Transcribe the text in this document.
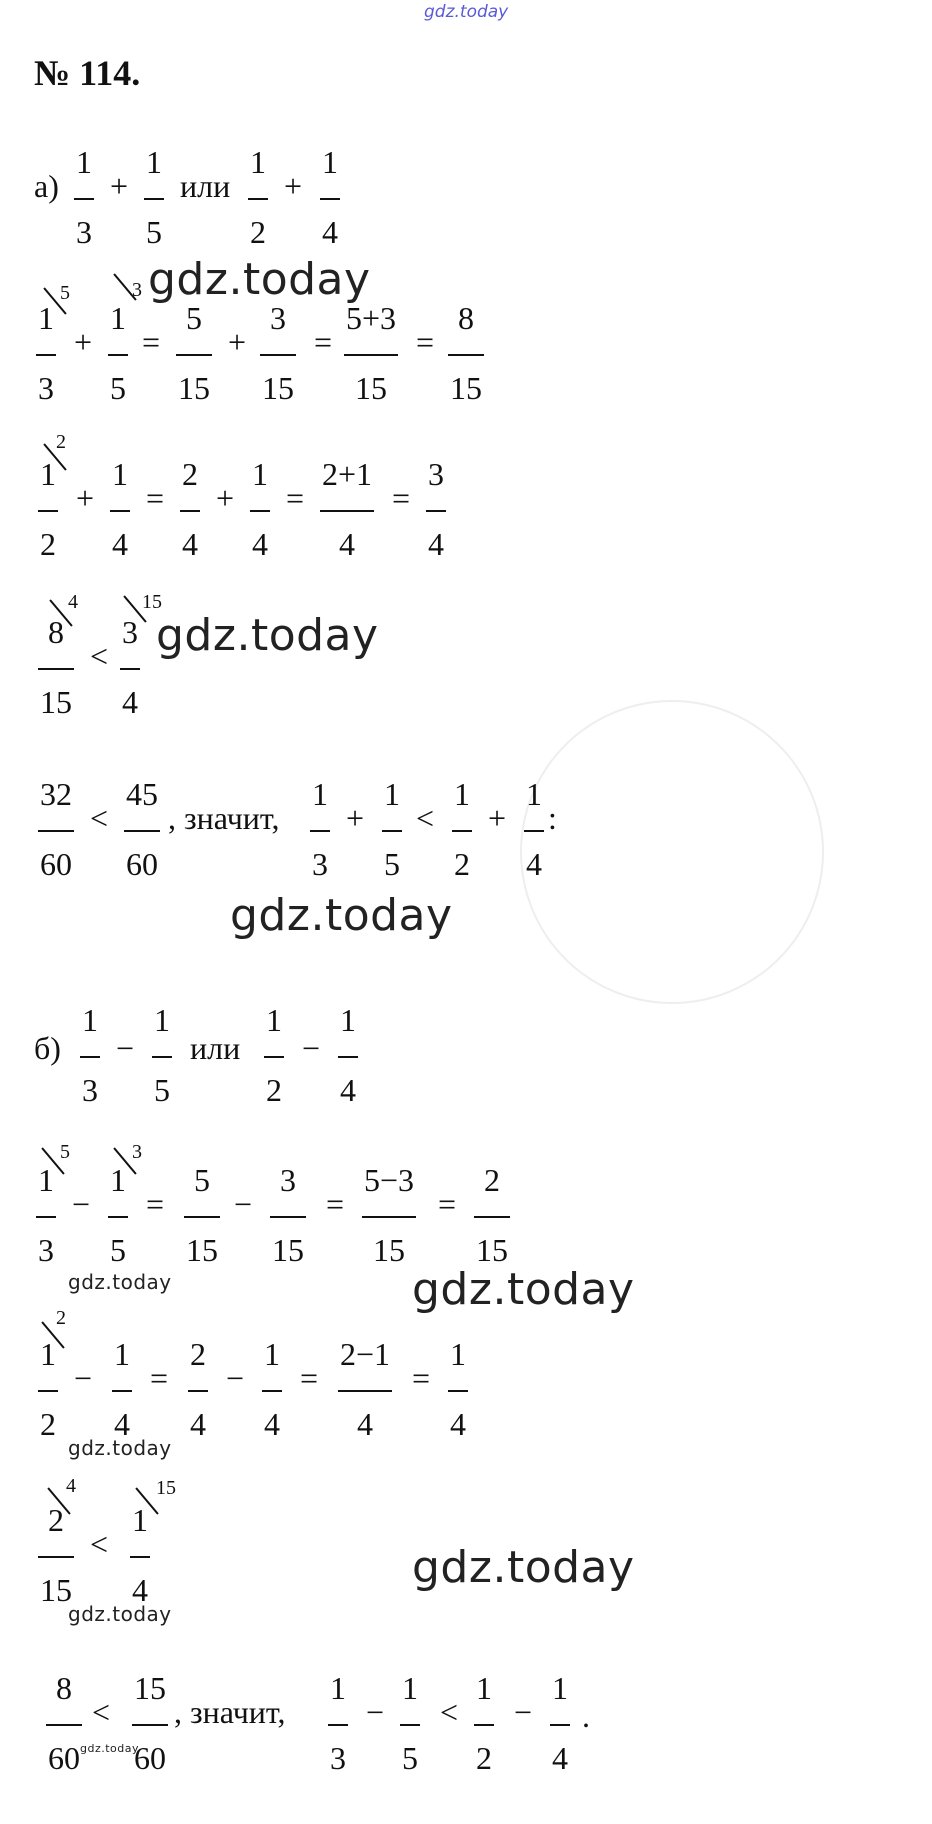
gdz.today
№ 114.
а)
1
3
+
1
5
или
1
2
+
1
4
gdz.today
5	3
1
3
+
1
5
=
5
15
+
3
15
=
5+3
15
=
8
15
2
1
2
+
1
4
=
2
4
+
1
4
=
2+1
4
=
3
4
4	15
8
15
<
3
4
gdz.today
32
60
<
45
60
, значит,
1
3
+
1
5
<
1
2
+
1
4
:
gdz.today
б)
1
3
−
1
5
или
1
2
−
1
4
5	3
1
3
−
1
5
=
5
15
−
3
15
=
5−3
15
=
2
15
gdz.today	gdz.today
2
1
2
−
1
4
=
2
4
−
1
4
=
2−1
4
=
1
4
gdz.today
4	15
2
15
<
1
4	gdz.today
gdz.today
8
60
<
15
60
gdz.today
, значит,
1
3
−
1
5
<
1
2
−
1
4
.
